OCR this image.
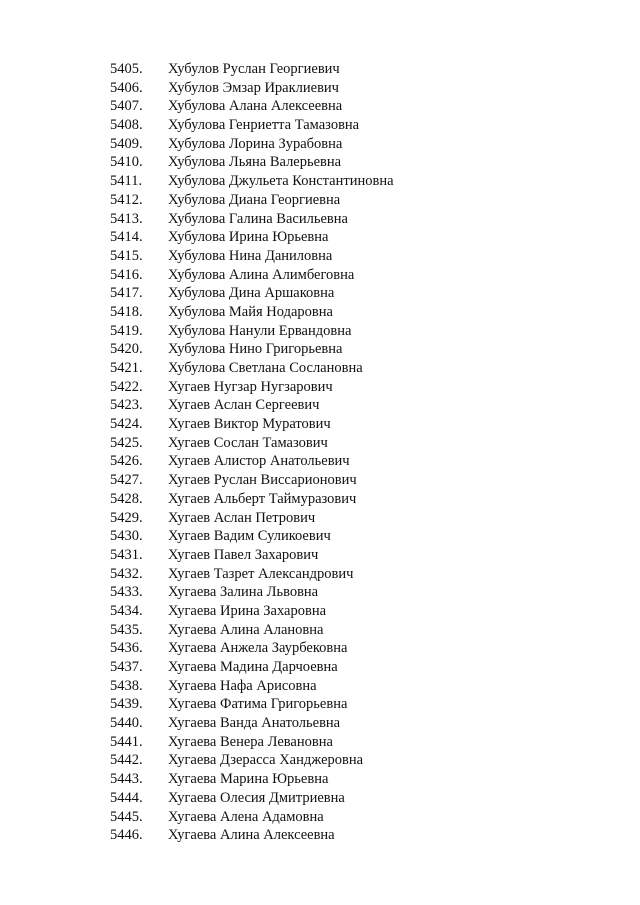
5405.	Хубулов Руслан Георгиевич
5406.	Хубулов Эмзар Ираклиевич
5407.	Хубулова Алана Алексеевна
5408.	Хубулова Генриетта Тамазовна
5409.	Хубулова Лорина Зурабовна
5410.	Хубулова Льяна Валерьевна
5411.	Хубулова Джульета Константиновна
5412.	Хубулова Диана Георгиевна
5413.	Хубулова Галина Васильевна
5414.	Хубулова Ирина Юрьевна
5415.	Хубулова Нина Даниловна
5416.	Хубулова Алина Алимбеговна
5417.	Хубулова Дина Аршаковна
5418.	Хубулова Майя Нодаровна
5419.	Хубулова Нанули Ервандовна
5420.	Хубулова Нино Григорьевна
5421.	Хубулова Светлана Сослановна
5422.	Хугаев Нугзар Нугзарович
5423.	Хугаев Аслан Сергеевич
5424.	Хугаев Виктор Муратович
5425.	Хугаев Сослан Тамазович
5426.	Хугаев Алистор Анатольевич
5427.	Хугаев Руслан Виссарионович
5428.	Хугаев Альберт Таймуразович
5429.	Хугаев Аслан Петрович
5430.	Хугаев Вадим Суликоевич
5431.	Хугаев Павел Захарович
5432.	Хугаев Тазрет Александрович
5433.	Хугаева Залина Львовна
5434.	Хугаева Ирина Захаровна
5435.	Хугаева Алина Алановна
5436.	Хугаева Анжела Заурбековна
5437.	Хугаева Мадина Дарчоевна
5438.	Хугаева Нафа Арисовна
5439.	Хугаева Фатима Григорьевна
5440.	Хугаева Ванда Анатольевна
5441.	Хугаева Венера Левановна
5442.	Хугаева Дзерасса Ханджеровна
5443.	Хугаева Марина Юрьевна
5444.	Хугаева Олесия Дмитриевна
5445.	Хугаева Алена Адамовна
5446.	Хугаева Алина Алексеевна
